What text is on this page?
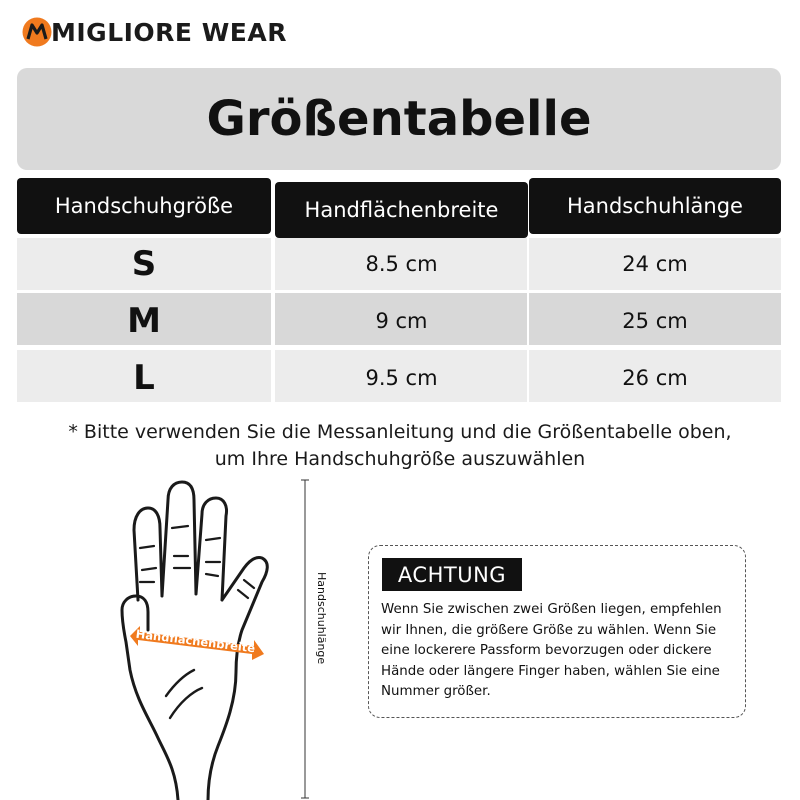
MIGLIORE WEAR
Größentabelle
Handschuhgröße	Handflächenbreite	Handschuhlänge
S	8.5 cm	24 cm
M	9 cm	25 cm
L	9.5 cm	26 cm

* Bitte verwenden Sie die Messanleitung und die Größentabelle oben,

um Ihre Handschuhgröße auszuwählen

Handflächenbreite	Handschuhlänge	ACHTUNG

Wenn Sie zwischen zwei Größen liegen, empfehlen wir Ihnen, die größere Größe zu wählen. Wenn Sie eine lockerere Passform bevorzugen oder dickere Hände oder längere Finger haben, wählen Sie eine Nummer größer.
